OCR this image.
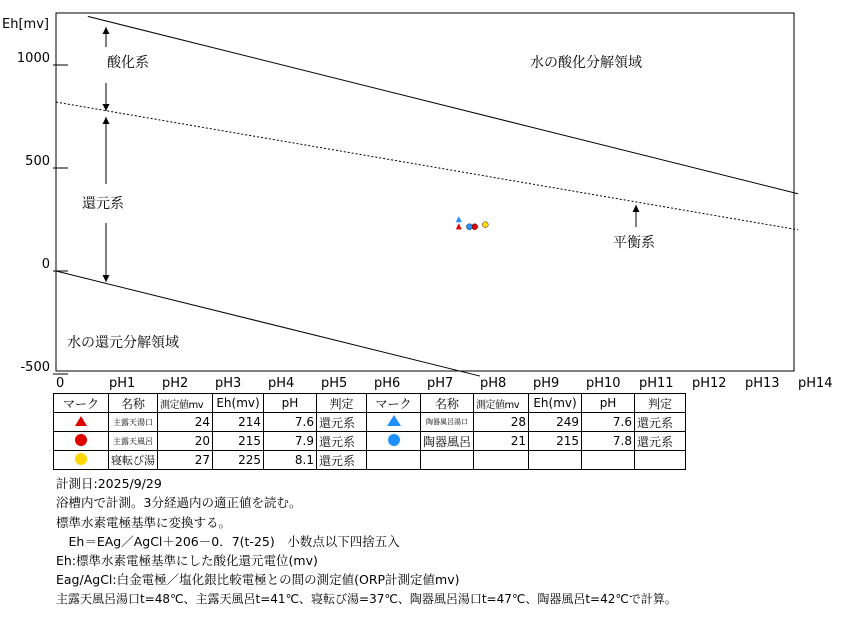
Eh[mv]
1000
500
0
-500
0	pH1 pH2 pH3 pH4 pH5 pH6 pH7 pH8 pH9 pH10 pH11 pH12 pH13 pH14
酸化系
還元系
平衡系
水の酸化分解領域
水の還元分解領域
マーク	名称	測定値mv	Eh(mv)	pH	判定	マーク	名称	測定値mv	Eh(mv)	pH	判定
	主露天湯口	24	214	7.6	還元系		陶器風呂湯口	28	249	7.6	還元系
	主露天風呂	20	215	7.9	還元系		陶器風呂	21	215	7.8	還元系
	寝転び湯	27	225	8.1	還元系						
計測日:2025/9/29
浴槽内で計測。3分経過内の適正値を読む。
標準水素電極基準に変換する。
　Eh＝EAg／AgCl＋206－0．7(t-25)　小数点以下四捨五入
Eh:標準水素電極基準にした酸化還元電位(mv)
Eag/AgCl:白金電極／塩化銀比較電極との間の測定値(ORP計測定値mv)
主露天風呂湯口t=48℃、主露天風呂t=41℃、寝転び湯=37℃、陶器風呂湯口t=47℃、陶器風呂t=42℃で計算。
